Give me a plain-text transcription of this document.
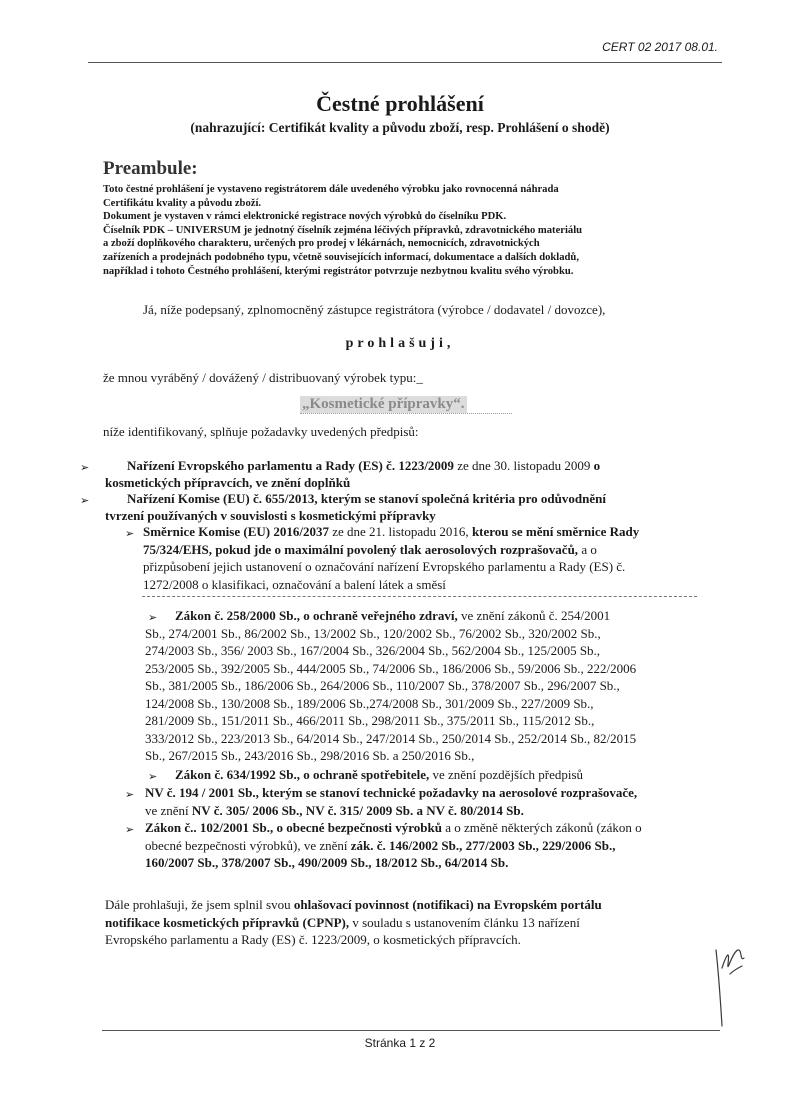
CERT 02 2017 08.01.
Čestné prohlášení
(nahrazující: Certifikát kvality a původu zboží, resp. Prohlášení o shodě)
Preambule:
Toto čestné prohlášení je vystaveno registrátorem dále uvedeného výrobku jako rovnocenná náhrada
Certifikátu kvality a původu zboží.
Dokument je vystaven v rámci elektronické registrace nových výrobků do číselníku PDK.
Číselník PDK – UNIVERSUM je jednotný číselník zejména léčivých přípravků, zdravotnického materiálu
a zboží doplňkového charakteru, určených pro prodej v lékárnách, nemocnicích, zdravotnických
zařízeních a prodejnách podobného typu, včetně souvisejících informací, dokumentace a dalších dokladů,
například i tohoto Čestného prohlášení, kterými registrátor potvrzuje nezbytnou kvalitu svého výrobku.
Já, níže podepsaný, zplnomocněný zástupce registrátora (výrobce / dodavatel / dovozce),
prohlašuji,
že mnou vyráběný / dovážený / distribuovaný výrobek typu:_
„Kosmetické přípravky“.
níže identifikovaný, splňuje požadavky uvedených předpisů:
➢	Nařízení Evropského parlamentu a Rady (ES) č. 1223/2009 ze dne 30. listopadu 2009 o
kosmetických přípravcích, ve znění doplňků
➢	Nařízení Komise (EU) č. 655/2013, kterým se stanoví společná kritéria pro odůvodnění
tvrzení používaných v souvislosti s kosmetickými přípravky
➢ Směrnice Komise (EU) 2016/2037 ze dne 21. listopadu 2016, kterou se mění směrnice Rady
75/324/EHS, pokud jde o maximální povolený tlak aerosolových rozprašovačů, a o
přizpůsobení jejich ustanovení o označování nařízení Evropského parlamentu a Rady (ES) č.
1272/2008 o klasifikaci, označování a balení látek a směsí
➢ Zákon č. 258/2000 Sb., o ochraně veřejného zdraví, ve znění zákonů č. 254/2001
Sb., 274/2001 Sb., 86/2002 Sb., 13/2002 Sb., 120/2002 Sb., 76/2002 Sb., 320/2002 Sb.,
274/2003 Sb., 356/ 2003 Sb., 167/2004 Sb., 326/2004 Sb., 562/2004 Sb., 125/2005 Sb.,
253/2005 Sb., 392/2005 Sb., 444/2005 Sb., 74/2006 Sb., 186/2006 Sb., 59/2006 Sb., 222/2006
Sb., 381/2005 Sb., 186/2006 Sb., 264/2006 Sb., 110/2007 Sb., 378/2007 Sb., 296/2007 Sb.,
124/2008 Sb., 130/2008 Sb., 189/2006 Sb.,274/2008 Sb., 301/2009 Sb., 227/2009 Sb.,
281/2009 Sb., 151/2011 Sb., 466/2011 Sb., 298/2011 Sb., 375/2011 Sb., 115/2012 Sb.,
333/2012 Sb., 223/2013 Sb., 64/2014 Sb., 247/2014 Sb., 250/2014 Sb., 252/2014 Sb., 82/2015
Sb., 267/2015 Sb., 243/2016 Sb., 298/2016 Sb. a 250/2016 Sb.,
➢ Zákon č. 634/1992 Sb., o ochraně spotřebitele, ve znění pozdějších předpisů
➢ NV č. 194 / 2001 Sb., kterým se stanoví technické požadavky na aerosolové rozprašovače,
ve znění NV č. 305/ 2006 Sb., NV č. 315/ 2009 Sb. a NV č. 80/2014 Sb.
➢ Zákon č.. 102/2001 Sb., o obecné bezpečnosti výrobků a o změně některých zákonů (zákon o
obecné bezpečnosti výrobků), ve znění zák. č. 146/2002 Sb., 277/2003 Sb., 229/2006 Sb.,
160/2007 Sb., 378/2007 Sb., 490/2009 Sb., 18/2012 Sb., 64/2014 Sb.
Dále prohlašuji, že jsem splnil svou ohlašovací povinnost (notifikaci) na Evropském portálu
notifikace kosmetických přípravků (CPNP), v souladu s ustanovením článku 13 nařízení
Evropského parlamentu a Rady (ES) č. 1223/2009, o kosmetických přípravcích.
Stránka 1 z 2
